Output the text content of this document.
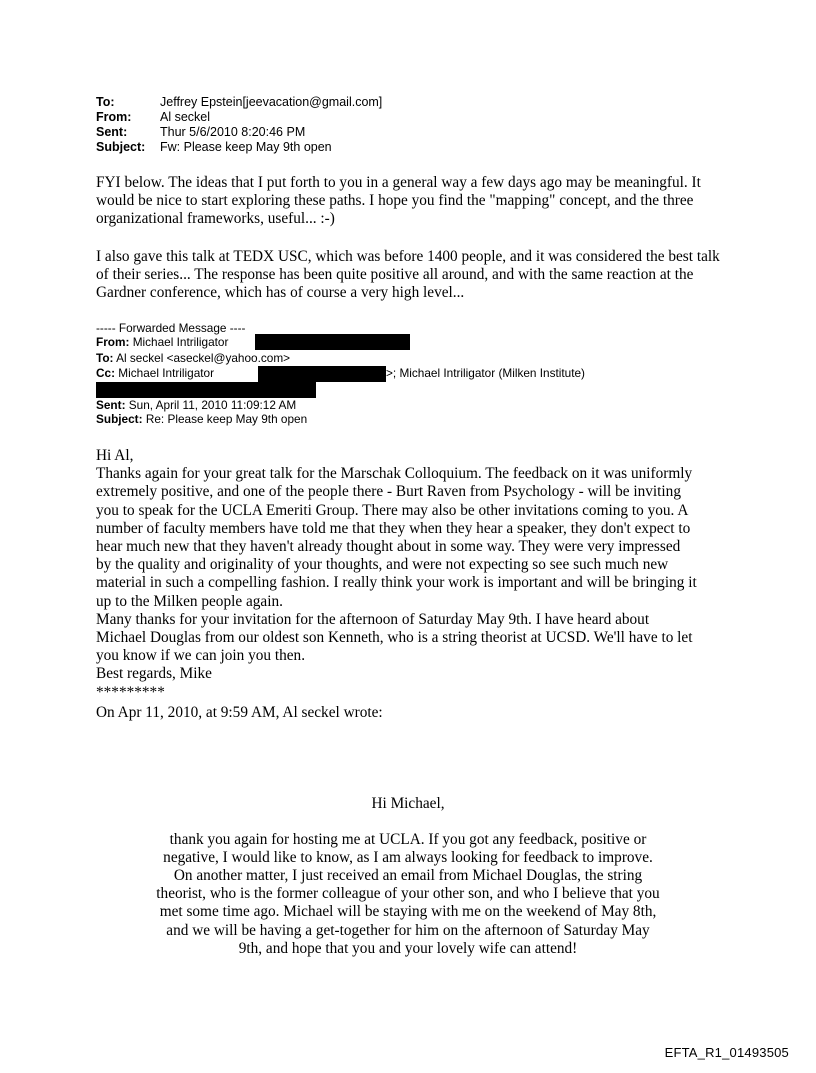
To:	Jeffrey Epstein[jeevacation@gmail.com]
From:	Al seckel
Sent:	Thur 5/6/2010 8:20:46 PM
Subject:	Fw: Please keep May 9th open

FYI below. The ideas that I put forth to you in a general way a few days ago may be meaningful. It would be nice to start exploring these paths. I hope you find the "mapping" concept, and the three organizational frameworks, useful... :-)

I also gave this talk at TEDX USC, which was before 1400 people, and it was considered the best talk of their series... The response has been quite positive all around, and with the same reaction at the Gardner conference, which has of course a very high level...

----- Forwarded Message ----
From: Michael Intriligator
To: Al seckel <aseckel@yahoo.com>
Cc: Michael Intriligator	>; Michael Intriligator (Milken Institute)
Sent: Sun, April 11, 2010 11:09:12 AM
Subject: Re: Please keep May 9th open
Hi Al,
Thanks again for your great talk for the Marschak Colloquium. The feedback on it was uniformly
extremely positive, and one of the people there - Burt Raven from Psychology - will be inviting
you to speak for the UCLA Emeriti Group. There may also be other invitations coming to you. A
number of faculty members have told me that they when they hear a speaker, they don't expect to
hear much new that they haven't already thought about in some way. They were very impressed
by the quality and originality of your thoughts, and were not expecting so see such much new
material in such a compelling fashion. I really think your work is important and will be bringing it
up to the Milken people again.
Many thanks for your invitation for the afternoon of Saturday May 9th. I have heard about
Michael Douglas from our oldest son Kenneth, who is a string theorist at UCSD. We'll have to let
you know if we can join you then.
Best regards, Mike
*********
On Apr 11, 2010, at 9:59 AM, Al seckel wrote:
Hi Michael,
thank you again for hosting me at UCLA. If you got any feedback, positive or
negative, I would like to know, as I am always looking for feedback to improve.
On another matter, I just received an email from Michael Douglas, the string
theorist, who is the former colleague of your other son, and who I believe that you
met some time ago. Michael will be staying with me on the weekend of May 8th,
and we will be having a get-together for him on the afternoon of Saturday May
9th, and hope that you and your lovely wife can attend!
EFTA_R1_01493505
